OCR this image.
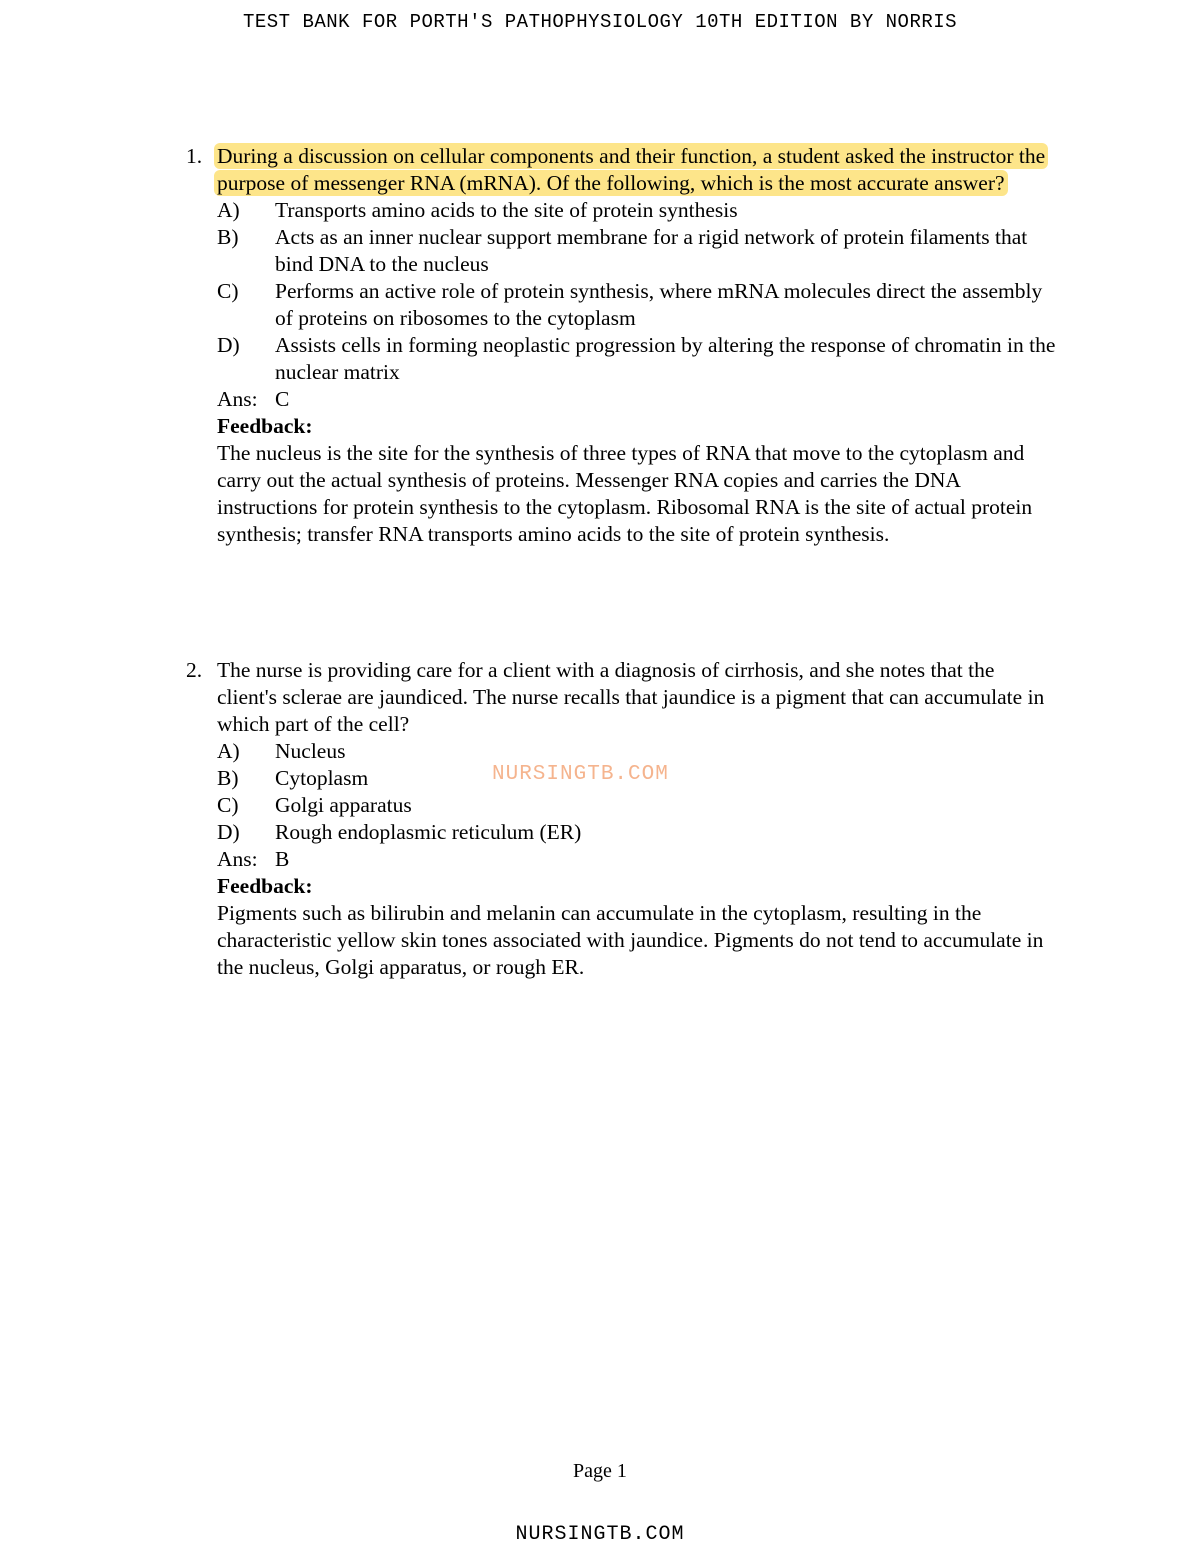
TEST BANK FOR PORTH'S PATHOPHYSIOLOGY 10TH EDITION BY NORRIS
1. During a discussion on cellular components and their function, a student asked the instructor the purpose of messenger RNA (mRNA). Of the following, which is the most accurate answer?
A)	Transports amino acids to the site of protein synthesis
B)	Acts as an inner nuclear support membrane for a rigid network of protein filaments that bind DNA to the nucleus
C)	Performs an active role of protein synthesis, where mRNA molecules direct the assembly of proteins on ribosomes to the cytoplasm
D)	Assists cells in forming neoplastic progression by altering the response of chromatin in the nuclear matrix
Ans: C
Feedback:
The nucleus is the site for the synthesis of three types of RNA that move to the cytoplasm and carry out the actual synthesis of proteins. Messenger RNA copies and carries the DNA instructions for protein synthesis to the cytoplasm. Ribosomal RNA is the site of actual protein synthesis; transfer RNA transports amino acids to the site of protein synthesis.
2. The nurse is providing care for a client with a diagnosis of cirrhosis, and she notes that the client's sclerae are jaundiced. The nurse recalls that jaundice is a pigment that can accumulate in which part of the cell?
A)	Nucleus
B)	Cytoplasm
C)	Golgi apparatus
D)	Rough endoplasmic reticulum (ER)
Ans: B
Feedback:
Pigments such as bilirubin and melanin can accumulate in the cytoplasm, resulting in the characteristic yellow skin tones associated with jaundice. Pigments do not tend to accumulate in the nucleus, Golgi apparatus, or rough ER.
NURSINGTB.COM
Page 1
NURSINGTB.COM
